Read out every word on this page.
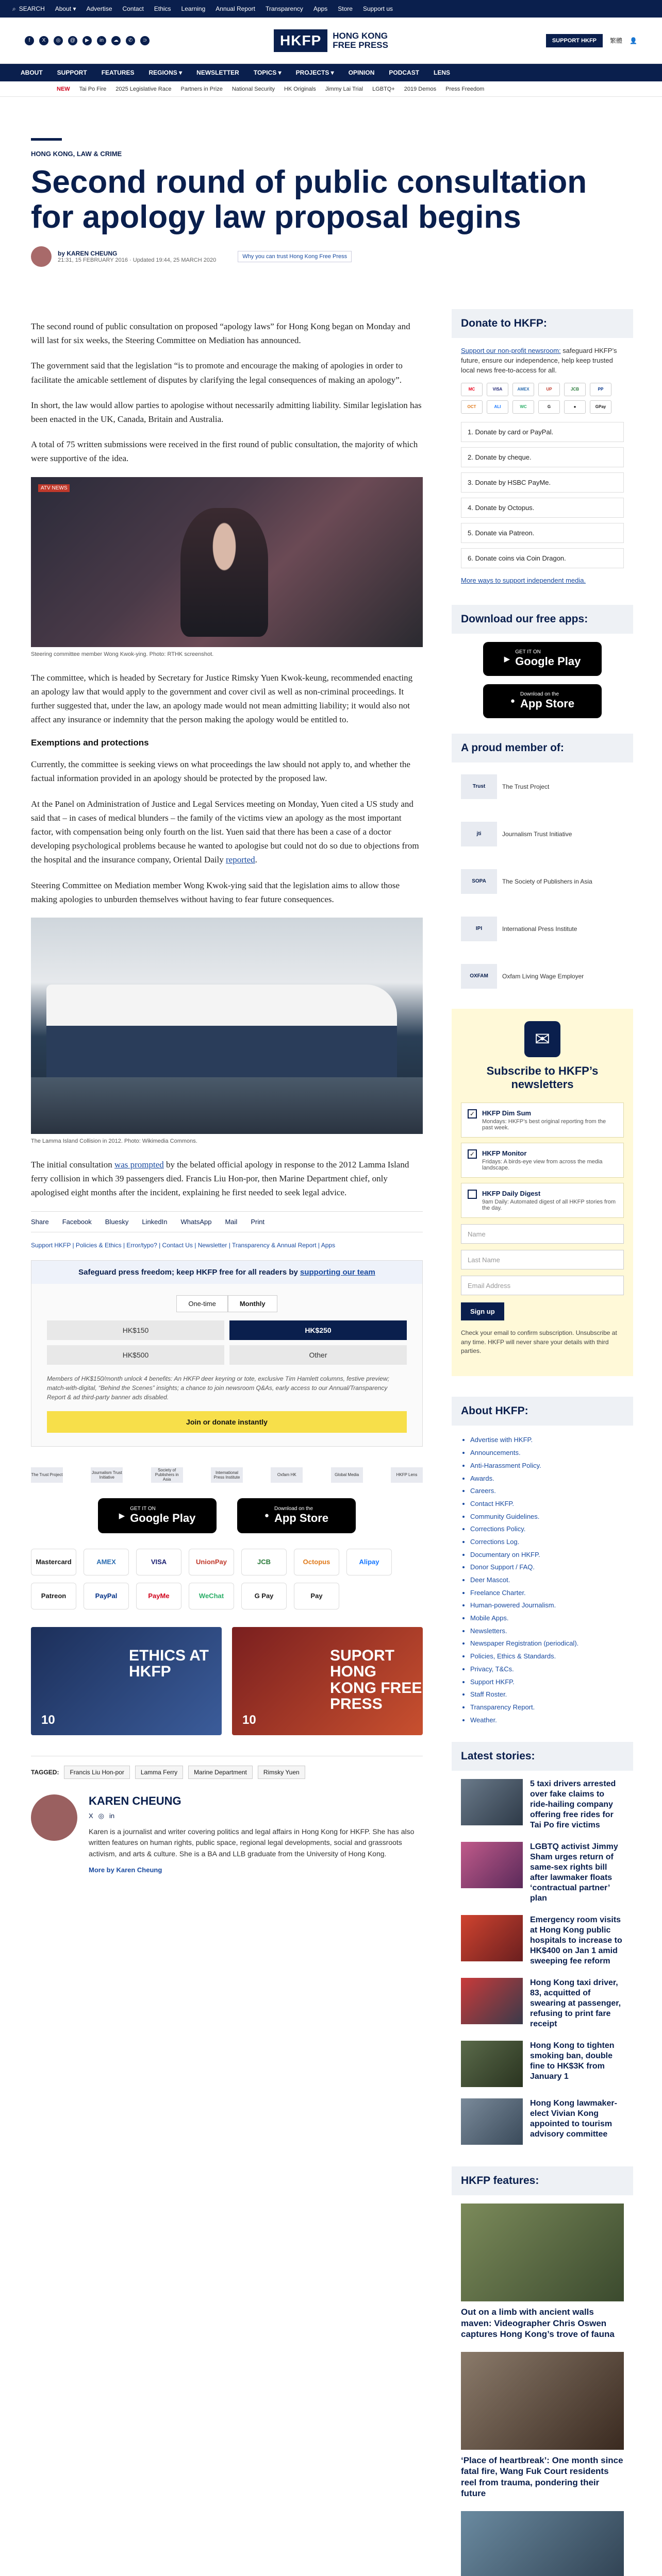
⌕ SEARCH About ▾ Advertise Contact Ethics Learning Annual Report Transparency Apps Store Support us
f	X	◎	@	▶	in	☁	✆	⊃	HKFP	HONG KONG
FREE PRESS	SUPPORT HKFP	繁體 👤
ABOUT SUPPORT FEATURES REGIONS ▾ NEWSLETTER TOPICS ▾ PROJECTS ▾ OPINION PODCAST LENS
NEW Tai Po Fire 2025 Legislative Race Partners in Prize National Security HK Originals Jimmy Lai Trial LGBTQ+ 2019 Demos Press Freedom
HONG KONG, LAW & CRIME
Second round of public consultation for apology law proposal begins
by KAREN CHEUNG
21:31, 15 FEBRUARY 2016 · Updated 19:44, 25 MARCH 2020
Why you can trust Hong Kong Free Press

The second round of public consultation on proposed “apology laws” for Hong Kong began on Monday and will last for six weeks, the Steering Committee on Mediation has announced.

The government said that the legislation “is to promote and encourage the making of apologies in order to facilitate the amicable settlement of disputes by clarifying the legal consequences of making an apology”.

In short, the law would allow parties to apologise without necessarily admitting liability. Similar legislation has been enacted in the UK, Canada, Britain and Australia.

A total of 75 written submissions were received in the first round of public consultation, the majority of which were supportive of the idea.

ATV NEWS
Steering committee member Wong Kwok-ying. Photo: RTHK screenshot.

The committee, which is headed by Secretary for Justice Rimsky Yuen Kwok-keung, recommended enacting an apology law that would apply to the government and cover civil as well as non-criminal proceedings. It further suggested that, under the law, an apology made would not mean admitting liability; it would also not affect any insurance or indemnity that the person making the apology would be entitled to.

Exemptions and protections

Currently, the committee is seeking views on what proceedings the law should not apply to, and whether the factual information provided in an apology should be protected by the proposed law.

At the Panel on Administration of Justice and Legal Services meeting on Monday, Yuen cited a US study and said that – in cases of medical blunders – the family of the victims view an apology as the most important factor, with compensation being only fourth on the list. Yuen said that there has been a case of a doctor developing psychological problems because he wanted to apologise but could not do so due to objections from the hospital and the insurance company, Oriental Daily reported.

Steering Committee on Mediation member Wong Kwok-ying said that the legislation aims to allow those making apologies to unburden themselves without having to fear future consequences.

The Lamma Island Collision in 2012. Photo: Wikimedia Commons.

The initial consultation was prompted by the belated official apology in response to the 2012 Lamma Island ferry collision in which 39 passengers died. Francis Liu Hon-por, then Marine Department chief, only apologised eight months after the incident, explaining he first needed to seek legal advice.

Share Facebook Bluesky LinkedIn WhatsApp Mail Print
Support HKFP | Policies & Ethics | Error/typo? | Contact Us | Newsletter | Transparency & Annual Report | Apps
Safeguard press freedom; keep HKFP free for all readers by supporting our team
One-time	Monthly
HK$150	HK$250
HK$500	Other
Members of HK$150/month unlock 4 benefits: An HKFP deer keyring or tote, exclusive Tim Hamlett columns, festive preview; match-with-digital, “Behind the Scenes” insights; a chance to join newsroom Q&As, early access to our Annual/Transparency Report & ad third-party banner ads disabled.
Join or donate instantly
The Trust Project	Journalism Trust Initiative
Society of Publishers in Asia
International Press Institute	Oxfam HK	Global Media	HKFP Lens
▶
GET IT ON
Google Play	●
Download on the
App Store
Mastercard	AMEX	VISA	UnionPay	JCB	Octopus	Alipay
Patreon	PayPal	PayMe	WeChat	G Pay	Pay
ETHICS AT HKFP
10
SUPORT HONG KONG FREE PRESS
10
TAGGED:	Francis Liu Hon-por	Lamma Ferry	Marine Department	Rimsky Yuen
KAREN CHEUNG
X ◎ in
Karen is a journalist and writer covering politics and legal affairs in Hong Kong for HKFP. She has also written features on human rights, public space, regional legal developments, social and grassroots activism, and arts & culture. She is a BA and LLB graduate from the University of Hong Kong.
More by Karen Cheung
Donate to HKFP:
Support our non-profit newsroom: safeguard HKFP’s future, ensure our independence, help keep trusted local news free-to-access for all.
MC	VISA	AMEX	UP	JCB	PP
OCT	ALI	WC	G	●	GPay
1. Donate by card or PayPal.
2. Donate by cheque.
3. Donate by HSBC PayMe.
4. Donate by Octopus.
5. Donate via Patreon.
6. Donate coins via Coin Dragon.
More ways to support independent media.
Download our free apps:
▶
GET IT ON
Google Play
●
Download on the
App Store
A proud member of:
Trust	The Trust Project
jti	Journalism Trust Initiative
SOPA	The Society of Publishers in Asia
IPI	International Press Institute
OXFAM	Oxfam Living Wage Employer
✉
Subscribe to HKFP’s newsletters
✓	HKFP Dim Sum
Mondays: HKFP’s best original reporting from the past week.
✓	HKFP Monitor
Fridays: A birds-eye view from across the media landscape.
HKFP Daily Digest
9am Daily: Automated digest of all HKFP stories from the day.
Name
Last Name
Email Address
Sign up
Check your email to confirm subscription. Unsubscribe at any time. HKFP will never share your details with third parties.
About HKFP:
• Advertise with HKFP.
• Announcements.
• Anti-Harassment Policy.
• Awards.
• Careers.
• Contact HKFP.
• Community Guidelines.
• Corrections Policy.
• Corrections Log.
• Documentary on HKFP.
• Donor Support / FAQ.
• Deer Mascot.
• Freelance Charter.
• Human-powered Journalism.
• Mobile Apps.
• Newsletters.
• Newspaper Registration (periodical).
• Policies, Ethics & Standards.
• Privacy, T&Cs.
• Support HKFP.
• Staff Roster.
• Transparency Report.
• Weather.
Latest stories:
5 taxi drivers arrested over fake claims to ride-hailing company offering free rides for Tai Po fire victims
LGBTQ activist Jimmy Sham urges return of same-sex rights bill after lawmaker floats ‘contractual partner’ plan
Emergency room visits at Hong Kong public hospitals to increase to HK$400 on Jan 1 amid sweeping fee reform
Hong Kong taxi driver, 83, acquitted of swearing at passenger, refusing to print fare receipt
Hong Kong to tighten smoking ban, double fine to HK$3K from January 1
Hong Kong lawmaker-elect Vivian Kong appointed to tourism advisory committee
HKFP features:
Out on a limb with ancient walls maven: Videographer Chris Oswen captures Hong Kong’s trove of fauna
‘Place of heartbreak’: One month since fatal fire, Wang Fuk Court residents reel from trauma, pondering their future
